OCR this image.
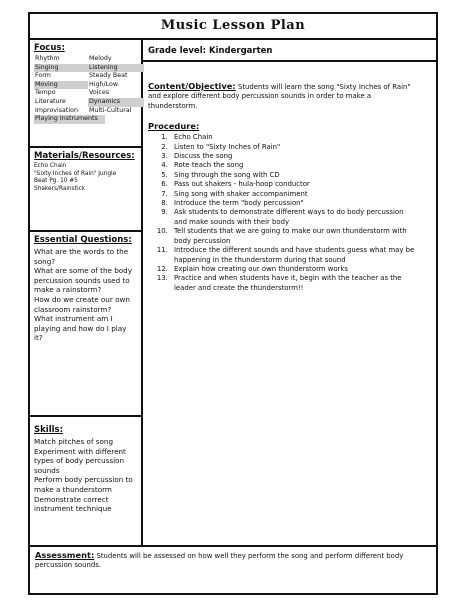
Music Lesson Plan
Focus:
Rhythm	Melody
Singing	Listening
Form	Steady Beat
Moving	High/Low
Tempo	Voices
Literature	Dynamics
Improvisation	Multi-Cultural
Playing Instruments
Materials/Resources:
Echo Chain
"Sixty Inches of Rain" Jungle
Beat Pg. 10 #5
Shakers/Rainstick
Essential Questions:
What are the words to the
song?
What are some of the body
percussion sounds used to
make a rainstorm?
How do we create our own
classroom rainstorm?
What instrument am I
playing and how do I play
it?
Skills:
Match pitches of song
Experiment with different
types of body percussion
sounds
Perform body percussion to
make a thunderstorm
Demonstrate correct
instrument technique
Grade level: Kindergarten
Content/Objective: Students will learn the song "Sixty Inches of Rain"
and explore different body percussion sounds in order to make a
thunderstorm.
Procedure:
1. Echo Chain
2. Listen to "Sixty Inches of Rain"
3. Discuss the song
4. Rote teach the song
5. Sing through the song with CD
6. Pass out shakers - hula-hoop conductor
7. Sing song with shaker accompaniment
8. Introduce the term "body percussion"
9. Ask students to demonstrate different ways to do body percussion
and make sounds with their body
10. Tell students that we are going to make our own thunderstorm with
body percussion
11. Introduce the different sounds and have students guess what may be
happening in the thunderstorm during that sound
12. Explain how creating our own thunderstorm works
13. Practice and when students have it, begin with the teacher as the
leader and create the thunderstorm!!
Assessment: Students will be assessed on how well they perform the song and perform different body
percussion sounds.
